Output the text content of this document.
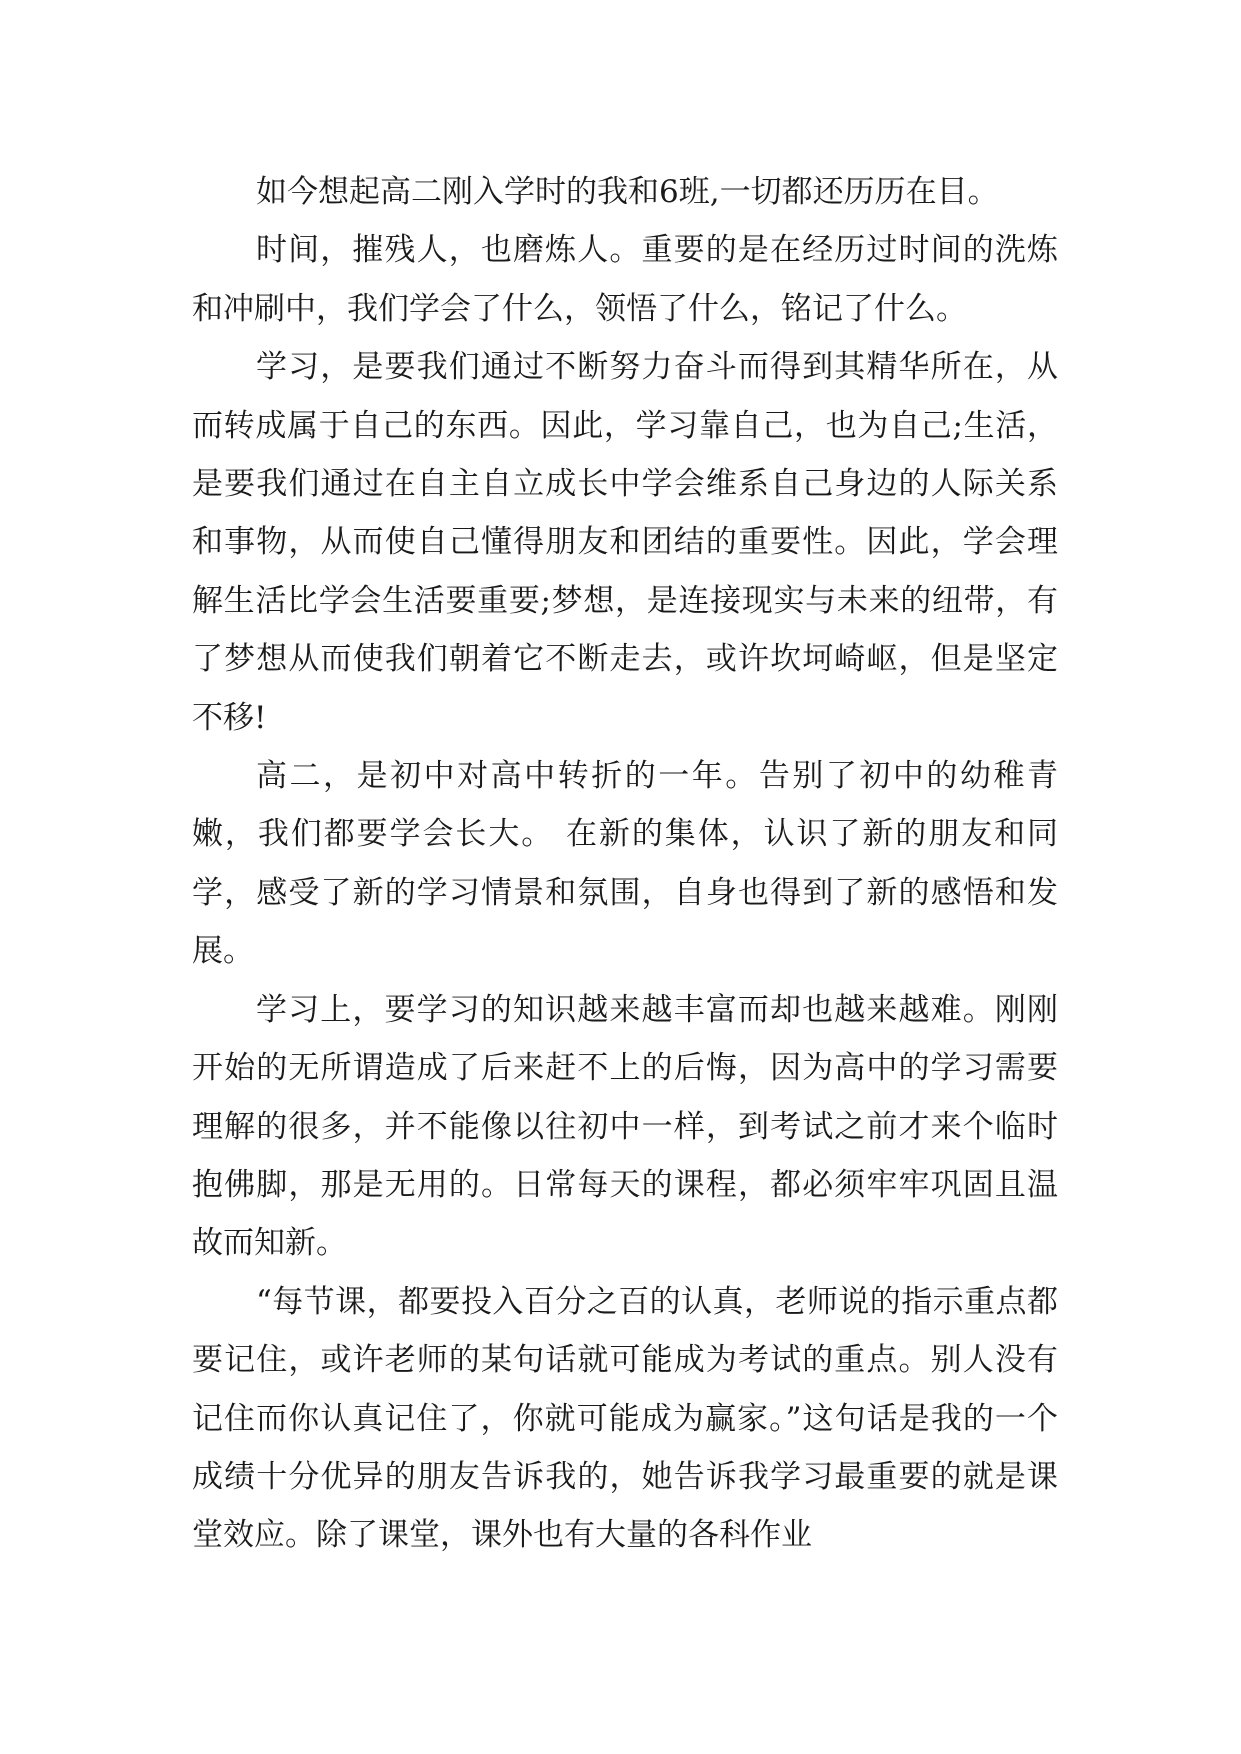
如今想起高二刚入学时的我和6班,一切都还历历在目。

时间，摧残人，也磨炼人。重要的是在经历过时间的洗炼和冲刷中，我们学会了什么，领悟了什么，铭记了什么。

学习，是要我们通过不断努力奋斗而得到其精华所在，从而转成属于自己的东西。因此，学习靠自己，也为自己;生活，是要我们通过在自主自立成长中学会维系自己身边的人际关系和事物，从而使自己懂得朋友和团结的重要性。因此，学会理解生活比学会生活要重要;梦想，是连接现实与未来的纽带，有了梦想从而使我们朝着它不断走去，或许坎坷崎岖，但是坚定不移!

高二，是初中对高中转折的一年。告别了初中的幼稚青嫩，我们都要学会长大。 在新的集体，认识了新的朋友和同学，感受了新的学习情景和氛围，自身也得到了新的感悟和发展。

学习上，要学习的知识越来越丰富而却也越来越难。刚刚开始的无所谓造成了后来赶不上的后悔，因为高中的学习需要理解的很多，并不能像以往初中一样，到考试之前才来个临时抱佛脚，那是无用的。日常每天的课程，都必须牢牢巩固且温故而知新。

“每节课，都要投入百分之百的认真，老师说的指示重点都要记住，或许老师的某句话就可能成为考试的重点。别人没有记住而你认真记住了，你就可能成为赢家。”这句话是我的一个成绩十分优异的朋友告诉我的，她告诉我学习最重要的就是课堂效应。除了课堂，课外也有大量的各科作业
